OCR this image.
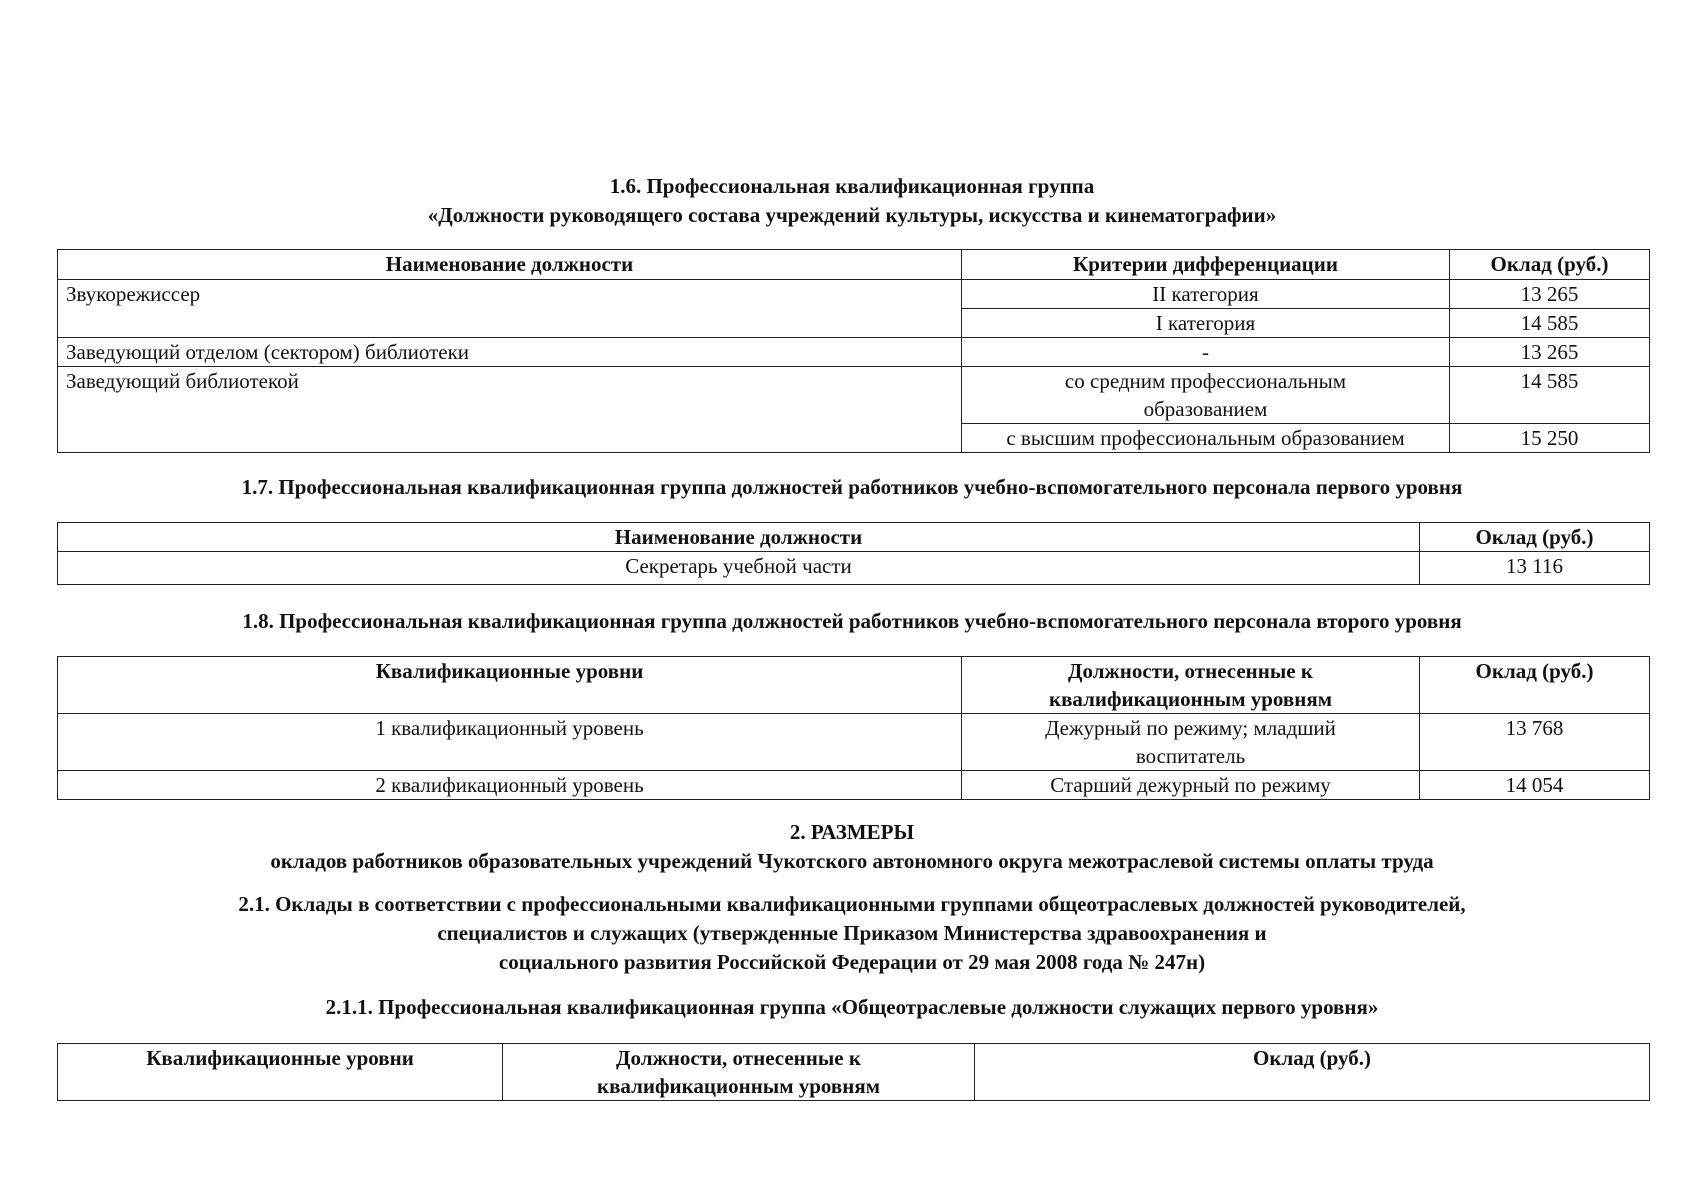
1.6. Профессиональная квалификационная группа
«Должности руководящего состава учреждений культуры, искусства и кинематографии»
Наименование должности	Критерии дифференциации	Оклад (руб.)
Звукорежиссер	II категория	13 265
	I категория	14 585
Заведующий отделом (сектором) библиотеки	-	13 265
Заведующий библиотекой	со средним профессиональным образованием	14 585
	с высшим профессиональным образованием	15 250
1.7. Профессиональная квалификационная группа должностей работников учебно-вспомогательного персонала первого уровня
Наименование должности	Оклад (руб.)
Секретарь учебной части	13 116
1.8. Профессиональная квалификационная группа должностей работников учебно-вспомогательного персонала второго уровня
Квалификационные уровни	Должности, отнесенные к квалификационным уровням	Оклад (руб.)
1 квалификационный уровень	Дежурный по режиму; младший воспитатель	13 768
2 квалификационный уровень	Старший дежурный по режиму	14 054
2. РАЗМЕРЫ
окладов работников образовательных учреждений Чукотского автономного округа межотраслевой системы оплаты труда
2.1. Оклады в соответствии с профессиональными квалификационными группами общеотраслевых должностей руководителей,
специалистов и служащих (утвержденные Приказом Министерства здравоохранения и
социального развития Российской Федерации от 29 мая 2008 года № 247н)
2.1.1. Профессиональная квалификационная группа «Общеотраслевые должности служащих первого уровня»
Квалификационные уровни	Должности, отнесенные к квалификационным уровням	Оклад (руб.)
